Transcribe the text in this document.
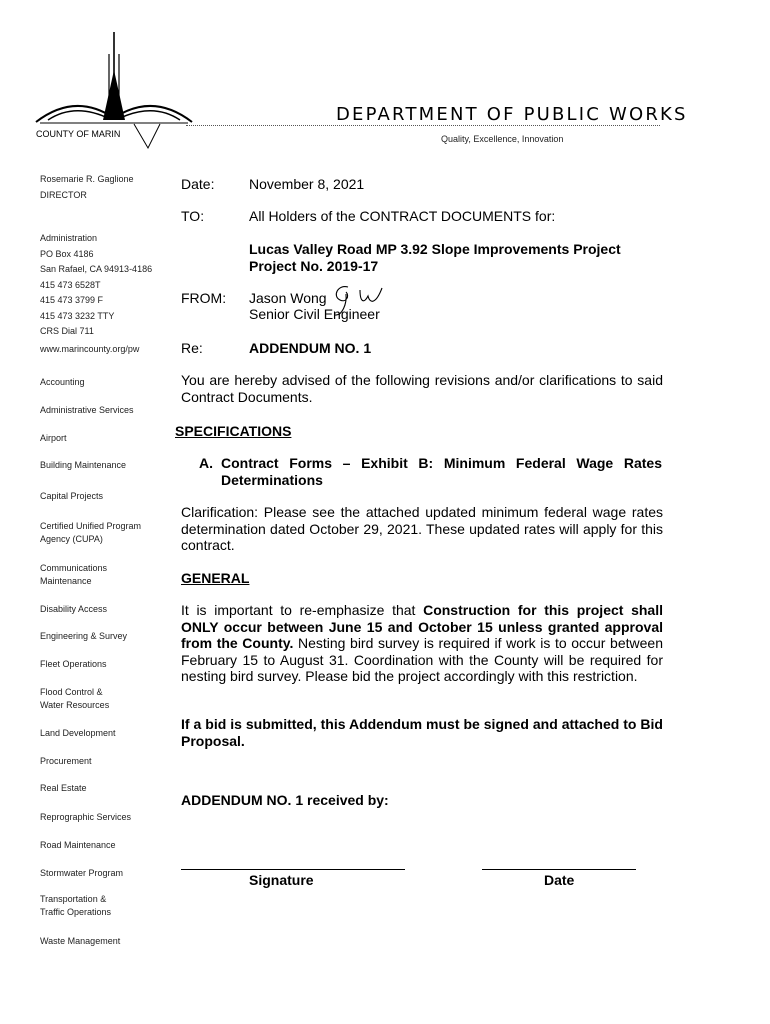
COUNTY OF MARIN
DEPARTMENT OF PUBLIC WORKS
Quality, Excellence, Innovation
Rosemarie R. Gaglione
DIRECTOR
Administration
PO Box 4186
San Rafael, CA 94913-4186
415 473 6528T
415 473 3799 F
415 473 3232 TTY
CRS Dial 711
www.marincounty.org/pw
Accounting
Administrative Services
Airport
Building Maintenance
Capital Projects
Certified Unified Program Agency (CUPA)
Communications Maintenance
Disability Access
Engineering & Survey
Fleet Operations
Flood Control & Water Resources
Land Development
Procurement
Real Estate
Reprographic Services
Road Maintenance
Stormwater Program
Transportation & Traffic Operations
Waste Management
Date: November 8, 2021
TO:	All Holders of the CONTRACT DOCUMENTS for:
Lucas Valley Road MP 3.92 Slope Improvements Project
Project No. 2019-17
FROM: Jason Wong
Senior Civil Engineer
Re:	ADDENDUM NO. 1
You are hereby advised of the following revisions and/or clarifications to said Contract Documents.
SPECIFICATIONS
A. Contract Forms – Exhibit B: Minimum Federal Wage Rates Determinations
Clarification: Please see the attached updated minimum federal wage rates determination dated October 29, 2021. These updated rates will apply for this contract.
GENERAL
It is important to re-emphasize that Construction for this project shall ONLY occur between June 15 and October 15 unless granted approval from the County. Nesting bird survey is required if work is to occur between February 15 to August 31. Coordination with the County will be required for nesting bird survey. Please bid the project accordingly with this restriction.
If a bid is submitted, this Addendum must be signed and attached to Bid Proposal.
ADDENDUM NO. 1 received by:
Signature	Date
